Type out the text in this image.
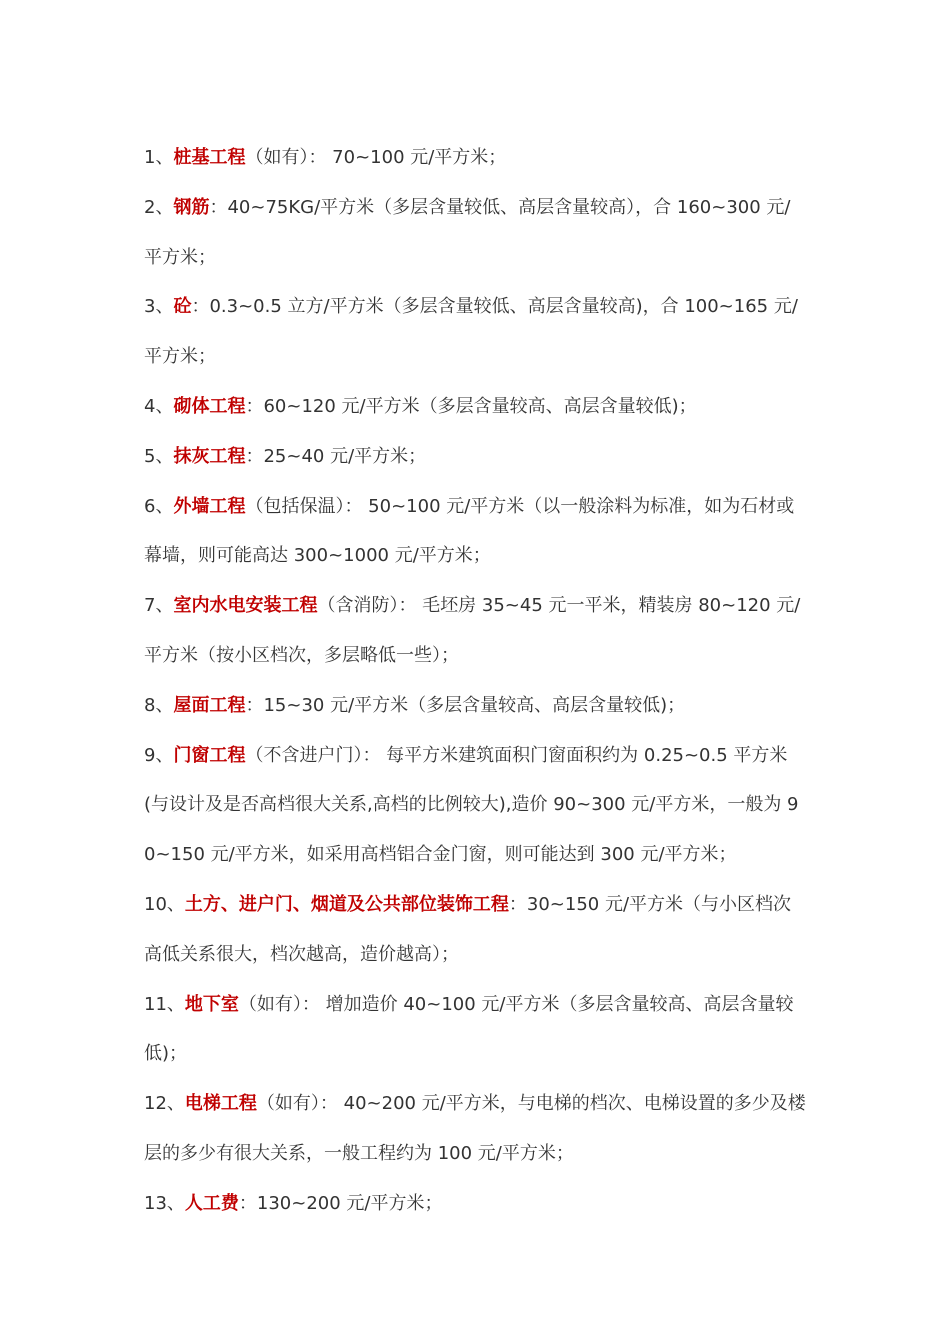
1、桩基工程（如有）： 70~100 元/平方米；

2、钢筋：40~75KG/平方米（多层含量较低、高层含量较高），合 160~300 元/平方米；

3、砼：0.3~0.5 立方/平方米（多层含量较低、高层含量较高)，合 100~165 元/平方米；

4、砌体工程：60~120 元/平方米（多层含量较高、高层含量较低)；

5、抹灰工程：25~40 元/平方米；

6、外墙工程（包括保温）： 50~100 元/平方米（以一般涂料为标准，如为石材或幕墙，则可能高达 300~1000 元/平方米；

7、室内水电安装工程（含消防）： 毛坯房 35~45 元一平米，精装房 80~120 元/平方米（按小区档次，多层略低一些）；

8、屋面工程：15~30 元/平方米（多层含量较高、高层含量较低)；

9、门窗工程（不含进户门）： 每平方米建筑面积门窗面积约为 0.25~0.5 平方米(与设计及是否高档很大关系,高档的比例较大),造价 90~300 元/平方米，一般为 90~150 元/平方米，如采用高档铝合金门窗，则可能达到 300 元/平方米；

10、土方、进户门、烟道及公共部位装饰工程：30~150 元/平方米（与小区档次高低关系很大，档次越高，造价越高）；

11、地下室（如有）： 增加造价 40~100 元/平方米（多层含量较高、高层含量较低)；

12、电梯工程（如有）： 40~200 元/平方米，与电梯的档次、电梯设置的多少及楼层的多少有很大关系，一般工程约为 100 元/平方米；

13、人工费：130~200 元/平方米；
